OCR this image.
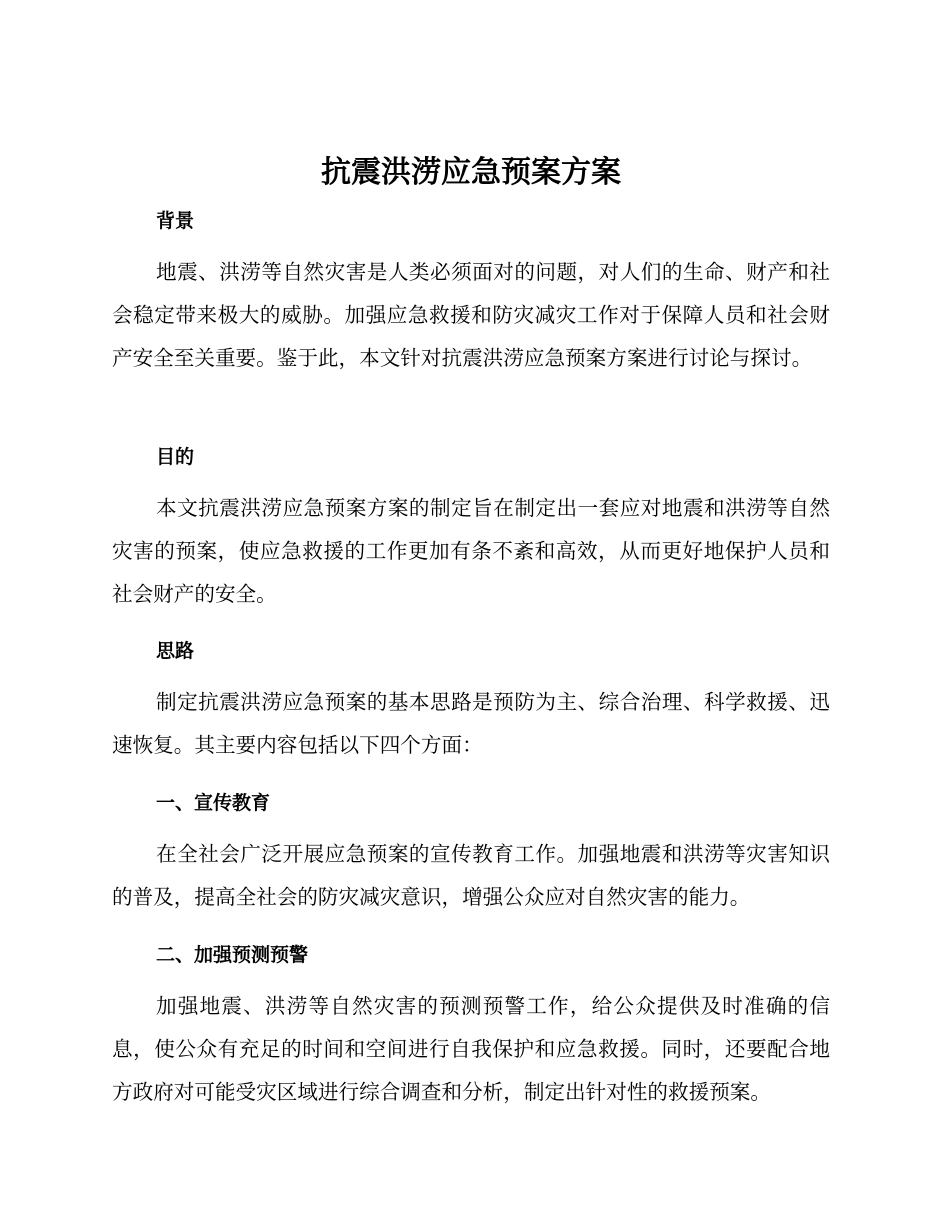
抗震洪涝应急预案方案
背景

地震、洪涝等自然灾害是人类必须面对的问题，对人们的生命、财产和社会稳定带来极大的威胁。加强应急救援和防灾减灾工作对于保障人员和社会财产安全至关重要。鉴于此，本文针对抗震洪涝应急预案方案进行讨论与探讨。

目的

本文抗震洪涝应急预案方案的制定旨在制定出一套应对地震和洪涝等自然灾害的预案，使应急救援的工作更加有条不紊和高效，从而更好地保护人员和社会财产的安全。

思路

制定抗震洪涝应急预案的基本思路是预防为主、综合治理、科学救援、迅速恢复。其主要内容包括以下四个方面：

一、宣传教育

在全社会广泛开展应急预案的宣传教育工作。加强地震和洪涝等灾害知识的普及，提高全社会的防灾减灾意识，增强公众应对自然灾害的能力。

二、加强预测预警

加强地震、洪涝等自然灾害的预测预警工作，给公众提供及时准确的信息，使公众有充足的时间和空间进行自我保护和应急救援。同时，还要配合地方政府对可能受灾区域进行综合调查和分析，制定出针对性的救援预案。
